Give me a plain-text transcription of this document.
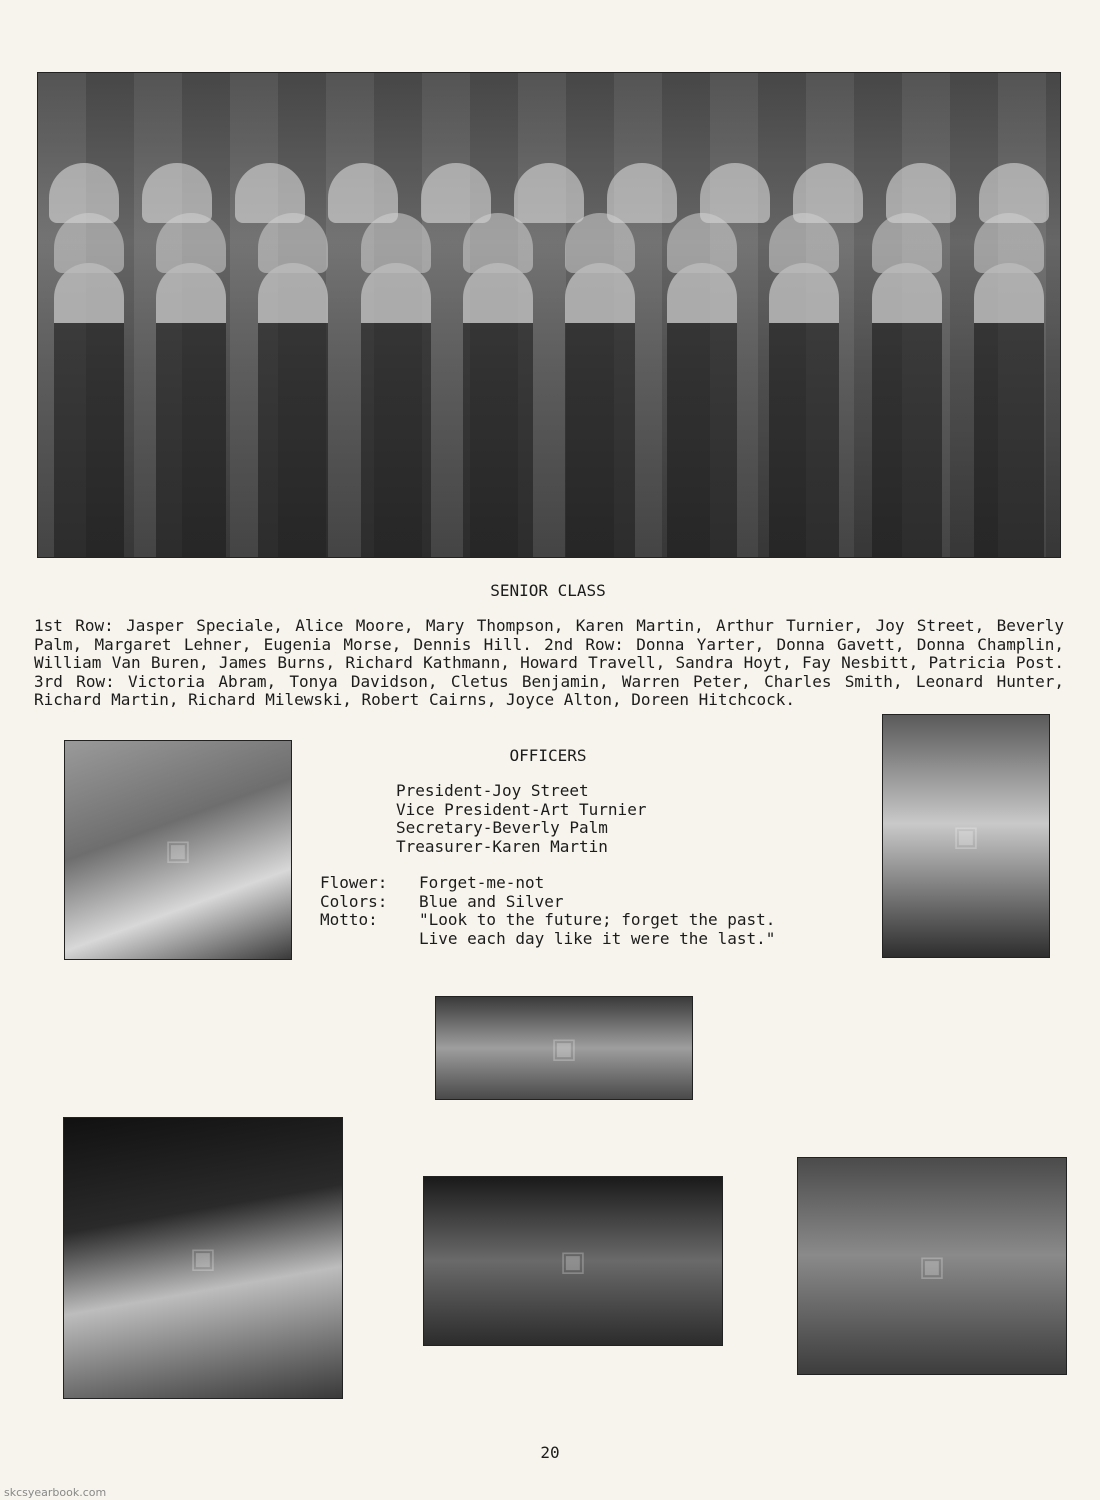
SENIOR CLASS
1st Row: Jasper Speciale, Alice Moore, Mary Thompson, Karen Martin, Arthur Turnier, Joy Street, Beverly Palm, Margaret Lehner, Eugenia Morse, Dennis Hill. 2nd Row: Donna Yarter, Donna Gavett, Donna Champlin, William Van Buren, James Burns, Richard Kathmann, Howard Travell, Sandra Hoyt, Fay Nesbitt, Patricia Post. 3rd Row: Victoria Abram, Tonya Davidson, Cletus Benjamin, Warren Peter, Charles Smith, Leonard Hunter, Richard Martin, Richard Milewski, Robert Cairns, Joyce Alton, Doreen Hitchcock.
OFFICERS
President-Joy Street
Vice President-Art Turnier
Secretary-Beverly Palm
Treasurer-Karen Martin
Flower:	Forget-me-not
Colors:	Blue and Silver
Motto:	"Look to the future; forget the past.
Live each day like it were the last."
▣	▣
▣
▣	▣	▣
20
skcsyearbook.com
